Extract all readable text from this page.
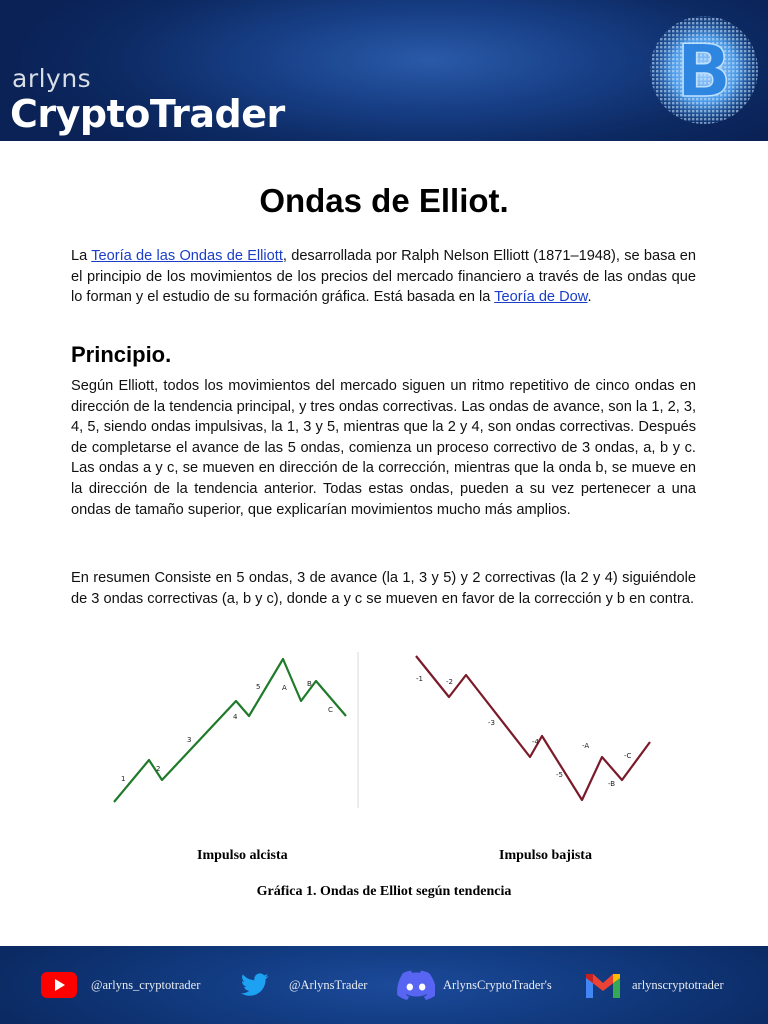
arlyns
CryptoTrader
B
Ondas de Elliot.
La Teoría de las Ondas de Elliott, desarrollada por Ralph Nelson Elliott (1871–1948), se basa en el principio de los movimientos de los precios del mercado financiero a través de las ondas que lo forman y el estudio de su formación gráfica. Está basada en la Teoría de Dow.
Principio.
Según Elliott, todos los movimientos del mercado siguen un ritmo repetitivo de cinco ondas en dirección de la tendencia principal, y tres ondas correctivas. Las ondas de avance, son la 1, 2, 3, 4, 5, siendo ondas impulsivas, la 1, 3 y 5, mientras que la 2 y 4, son ondas correctivas. Después de completarse el avance de las 5 ondas, comienza un proceso correctivo de 3 ondas, a, b y c. Las ondas a y c, se mueven en dirección de la corrección, mientras que la onda b, se mueve en la dirección de la tendencia anterior. Todas estas ondas, pueden a su vez pertenecer a una ondas de tamaño superior, que explicarían movimientos mucho más amplios.
En resumen Consiste en 5 ondas, 3 de avance (la 1, 3 y 5) y 2 correctivas (la 2 y 4) siguiéndole de 3 ondas correctivas (a, b y c), donde a y c se mueven en favor de la corrección y b en contra.
1
2
3
4
5	A	B
C
-1	-2
-3
-4
-5
-A
-B
-C
Impulso alcista	Impulso bajista
Gráfica 1. Ondas de Elliot según tendencia
@arlyns_cryptotrader	@ArlynsTrader	ArlynsCryptoTrader's	arlynscryptotrader
